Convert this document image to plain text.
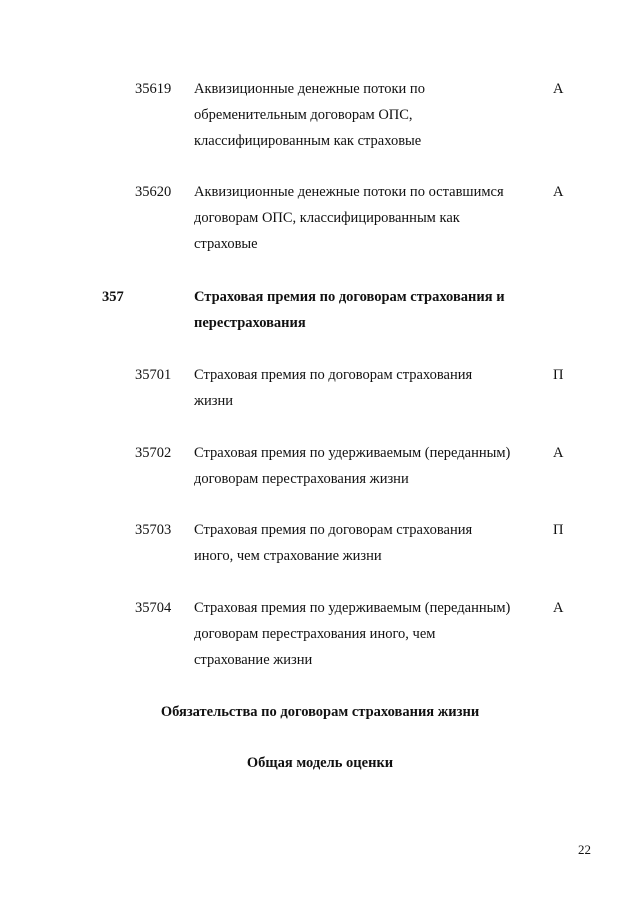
35619 Аквизиционные денежные потоки по
обременительным договорам ОПС,
классифицированным как страховые
А
35620 Аквизиционные денежные потоки по оставшимся
договорам ОПС, классифицированным как
страховые
А
357	Страховая премия по договорам страхования и
перестрахования
35701 Страховая премия по договорам страхования
жизни
П
35702 Страховая премия по удерживаемым (переданным)
договорам перестрахования жизни
А
35703 Страховая премия по договорам страхования
иного, чем страхование жизни
П
35704 Страховая премия по удерживаемым (переданным)
договорам перестрахования иного, чем
страхование жизни
А
Обязательства по договорам страхования жизни
Общая модель оценки
22
